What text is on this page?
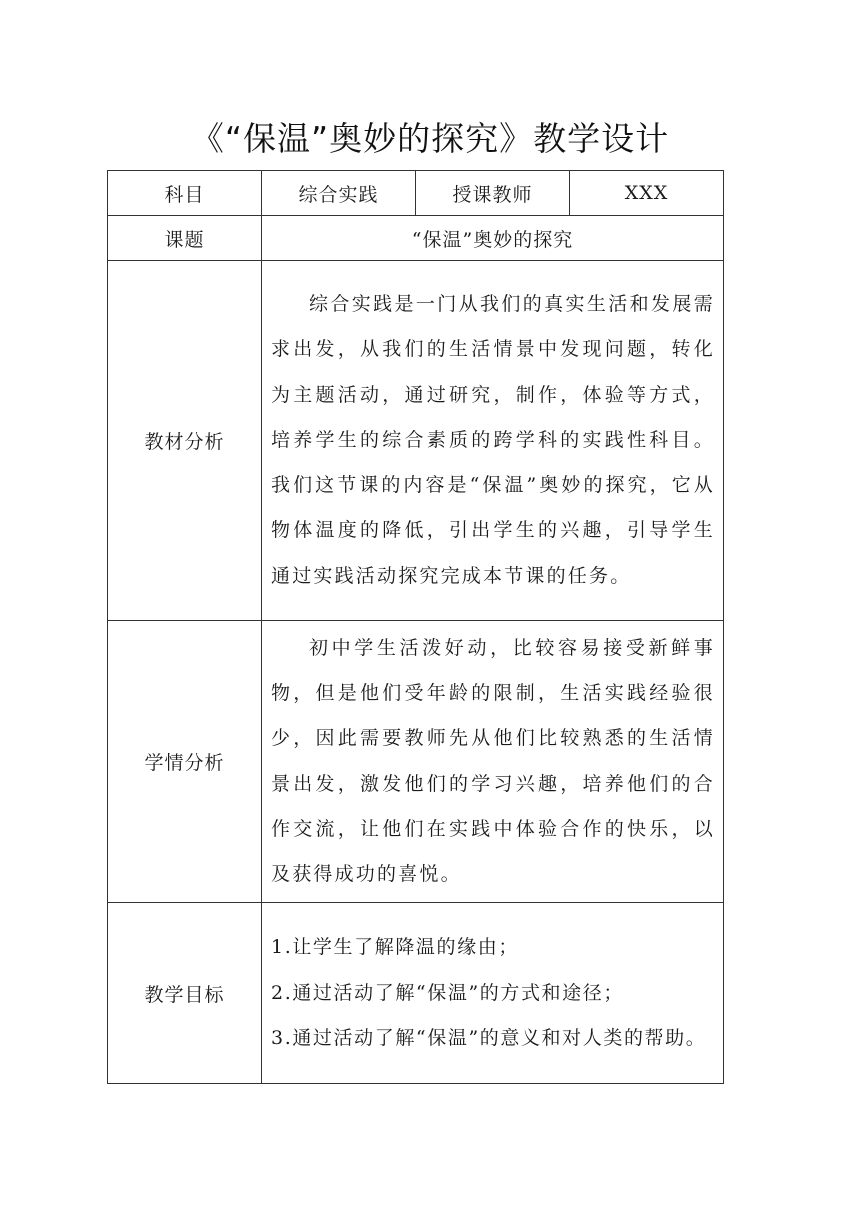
《“保温”奥妙的探究》教学设计
科目	综合实践	授课教师	XXX
课题	“保温”奥妙的探究		
教材分析	综合实践是一门从我们的真实生活和发展需求出发，从我们的生活情景中发现问题，转化为主题活动，通过研究，制作，体验等方式，培养学生的综合素质的跨学科的实践性科目。我们这节课的内容是“保温”奥妙的探究，它从物体温度的降低，引出学生的兴趣，引导学生通过实践活动探究完成本节课的任务。		

学情分析	初中学生活泼好动，比较容易接受新鲜事物，但是他们受年龄的限制，生活实践经验很少，因此需要教师先从他们比较熟悉的生活情景出发，激发他们的学习兴趣，培养他们的合作交流，让他们在实践中体验合作的快乐，以及获得成功的喜悦。		

教学目标	1.让学生了解降温的缘由；
2.通过活动了解“保温”的方式和途径；
3.通过活动了解“保温”的意义和对人类的帮助。		
